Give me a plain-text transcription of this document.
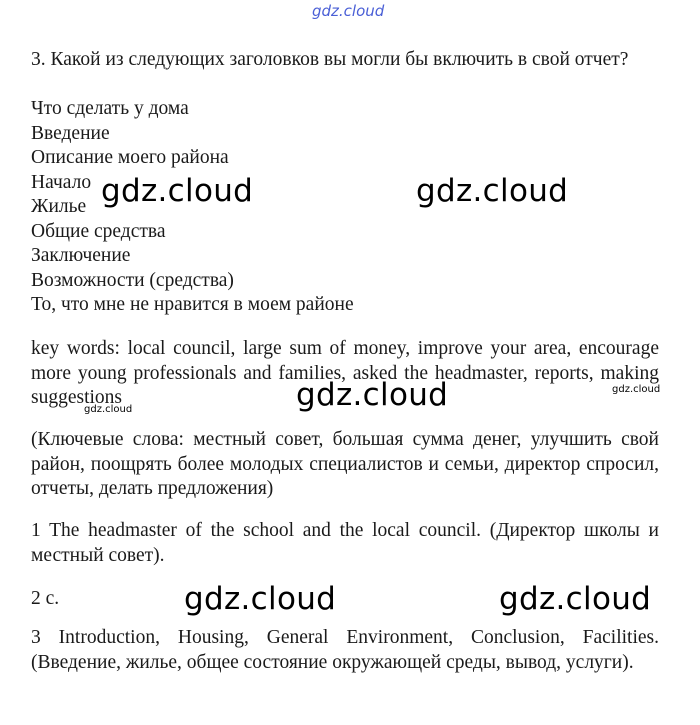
gdz.cloud

3. Какой из следующих заголовков вы могли бы включить в свой отчет?

Что сделать у дома
Введение
Описание моего района
Начало
Жилье
Общие средства
Заключение
Возможности (средства)
То, что мне не нравится в моем районе

key words: local council, large sum of money, improve your area, encourage more young professionals and families, asked the headmaster, reports, making suggestions

(Ключевые слова: местный совет, большая сумма денег, улучшить свой район, поощрять более молодых специалистов и семьи, директор спросил, отчеты, делать предложения)

1 The headmaster of the school and the local council. (Директор школы и местный совет).

2 c.

3 Introduction, Housing, General Environment, Conclusion, Facilities. (Введение, жилье, общее состояние окружающей среды, вывод, услуги).

gdz.cloud	gdz.cloud
gdz.cloud
gdz.cloud
gdz.cloud
gdz.cloud	gdz.cloud
